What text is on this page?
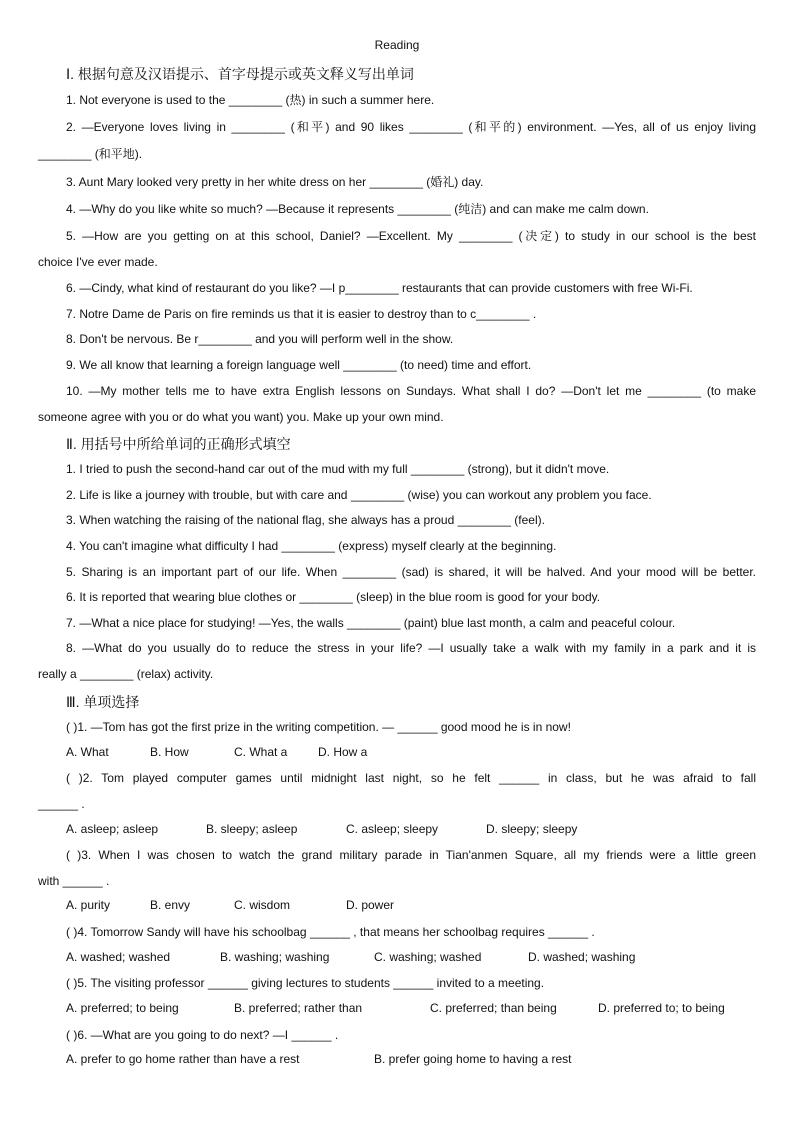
Reading
Ⅰ. 根据句意及汉语提示、首字母提示或英文释义写出单词
1. Not everyone is used to the ________ (热) in such a summer here.
2. —Everyone loves living in ________ (和平) and 90 likes ________ (和平的) environment. —Yes, all of us enjoy living
________ (和平地).
3. Aunt Mary looked very pretty in her white dress on her ________ (婚礼) day.
4. —Why do you like white so much? —Because it represents ________ (纯洁) and can make me calm down.
5. —How are you getting on at this school, Daniel? —Excellent. My ________ (决定) to study in our school is the best
choice I've ever made.
6. —Cindy, what kind of restaurant do you like? —I p________ restaurants that can provide customers with free Wi-Fi.
7. Notre Dame de Paris on fire reminds us that it is easier to destroy than to c________ .
8. Don't be nervous. Be r________ and you will perform well in the show.
9. We all know that learning a foreign language well ________ (to need) time and effort.
10. —My mother tells me to have extra English lessons on Sundays. What shall I do? —Don't let me ________ (to make
someone agree with you or do what you want) you. Make up your own mind.
Ⅱ. 用括号中所给单词的正确形式填空
1. I tried to push the second-hand car out of the mud with my full ________ (strong), but it didn't move.
2. Life is like a journey with trouble, but with care and ________ (wise) you can workout any problem you face.
3. When watching the raising of the national flag, she always has a proud ________ (feel).
4. You can't imagine what difficulty I had ________ (express) myself clearly at the beginning.
5. Sharing is an important part of our life. When ________ (sad) is shared, it will be halved. And your mood will be better.
6. It is reported that wearing blue clothes or ________ (sleep) in the blue room is good for your body.
7. —What a nice place for studying! —Yes, the walls ________ (paint) blue last month, a calm and peaceful colour.
8. —What do you usually do to reduce the stress in your life? —I usually take a walk with my family in a park and it is
really a ________ (relax) activity.
Ⅲ. 单项选择
( )1. —Tom has got the first prize in the writing competition. — ______ good mood he is in now!
A. What	B. How	C. What a	D. How a
( )2. Tom played computer games until midnight last night, so he felt ______ in class, but he was afraid to fall
______ .
A. asleep; asleep	B. sleepy; asleep	C. asleep; sleepy	D. sleepy; sleepy
( )3. When I was chosen to watch the grand military parade in Tian'anmen Square, all my friends were a little green
with ______ .
A. purity	B. envy	C. wisdom	D. power
( )4. Tomorrow Sandy will have his schoolbag ______ , that means her schoolbag requires ______ .
A. washed; washed	B. washing; washing	C. washing; washed	D. washed; washing
( )5. The visiting professor ______ giving lectures to students ______ invited to a meeting.
A. preferred; to being	B. preferred; rather than	C. preferred; than being	D. preferred to; to being
( )6. —What are you going to do next? —I ______ .
A. prefer to go home rather than have a rest	B. prefer going home to having a rest
